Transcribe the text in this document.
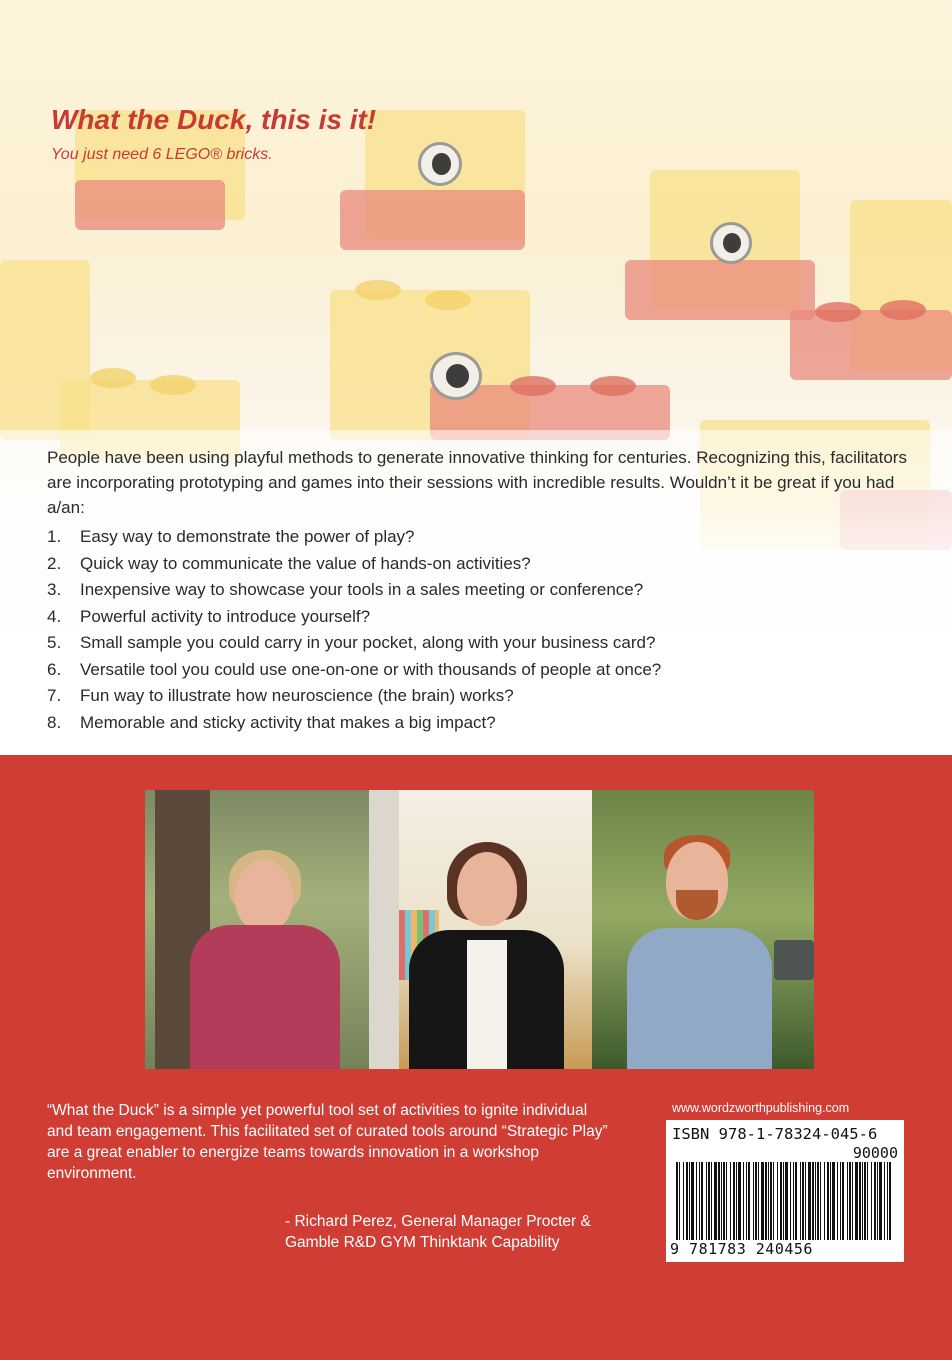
What the Duck, this is it!

You just need 6 LEGO® bricks.

People have been using playful methods to generate innovative thinking for centuries. Recognizing this, facilitators are incorporating prototyping and games into their sessions with incredible results. Wouldn’t it be great if you had a/an:

1. Easy way to demonstrate the power of play?
2. Quick way to communicate the value of hands-on activities?
3. Inexpensive way to showcase your tools in a sales meeting or conference?
4. Powerful activity to introduce yourself?
5. Small sample you could carry in your pocket, along with your business card?
6. Versatile tool you could use one-on-one or with thousands of people at once?
7. Fun way to illustrate how neuroscience (the brain) works?
8. Memorable and sticky activity that makes a big impact?

“What the Duck” is a simple yet powerful tool set of activities to ignite individual and team engagement. This facilitated set of curated tools around “Strategic Play” are a great enabler to energize teams towards innovation in a workshop environment.

- Richard Perez, General Manager Procter & Gamble R&D GYM Thinktank Capability

www.wordzworthpublishing.com

ISBN 978-1-78324-045-6

90000

9 781783 240456
